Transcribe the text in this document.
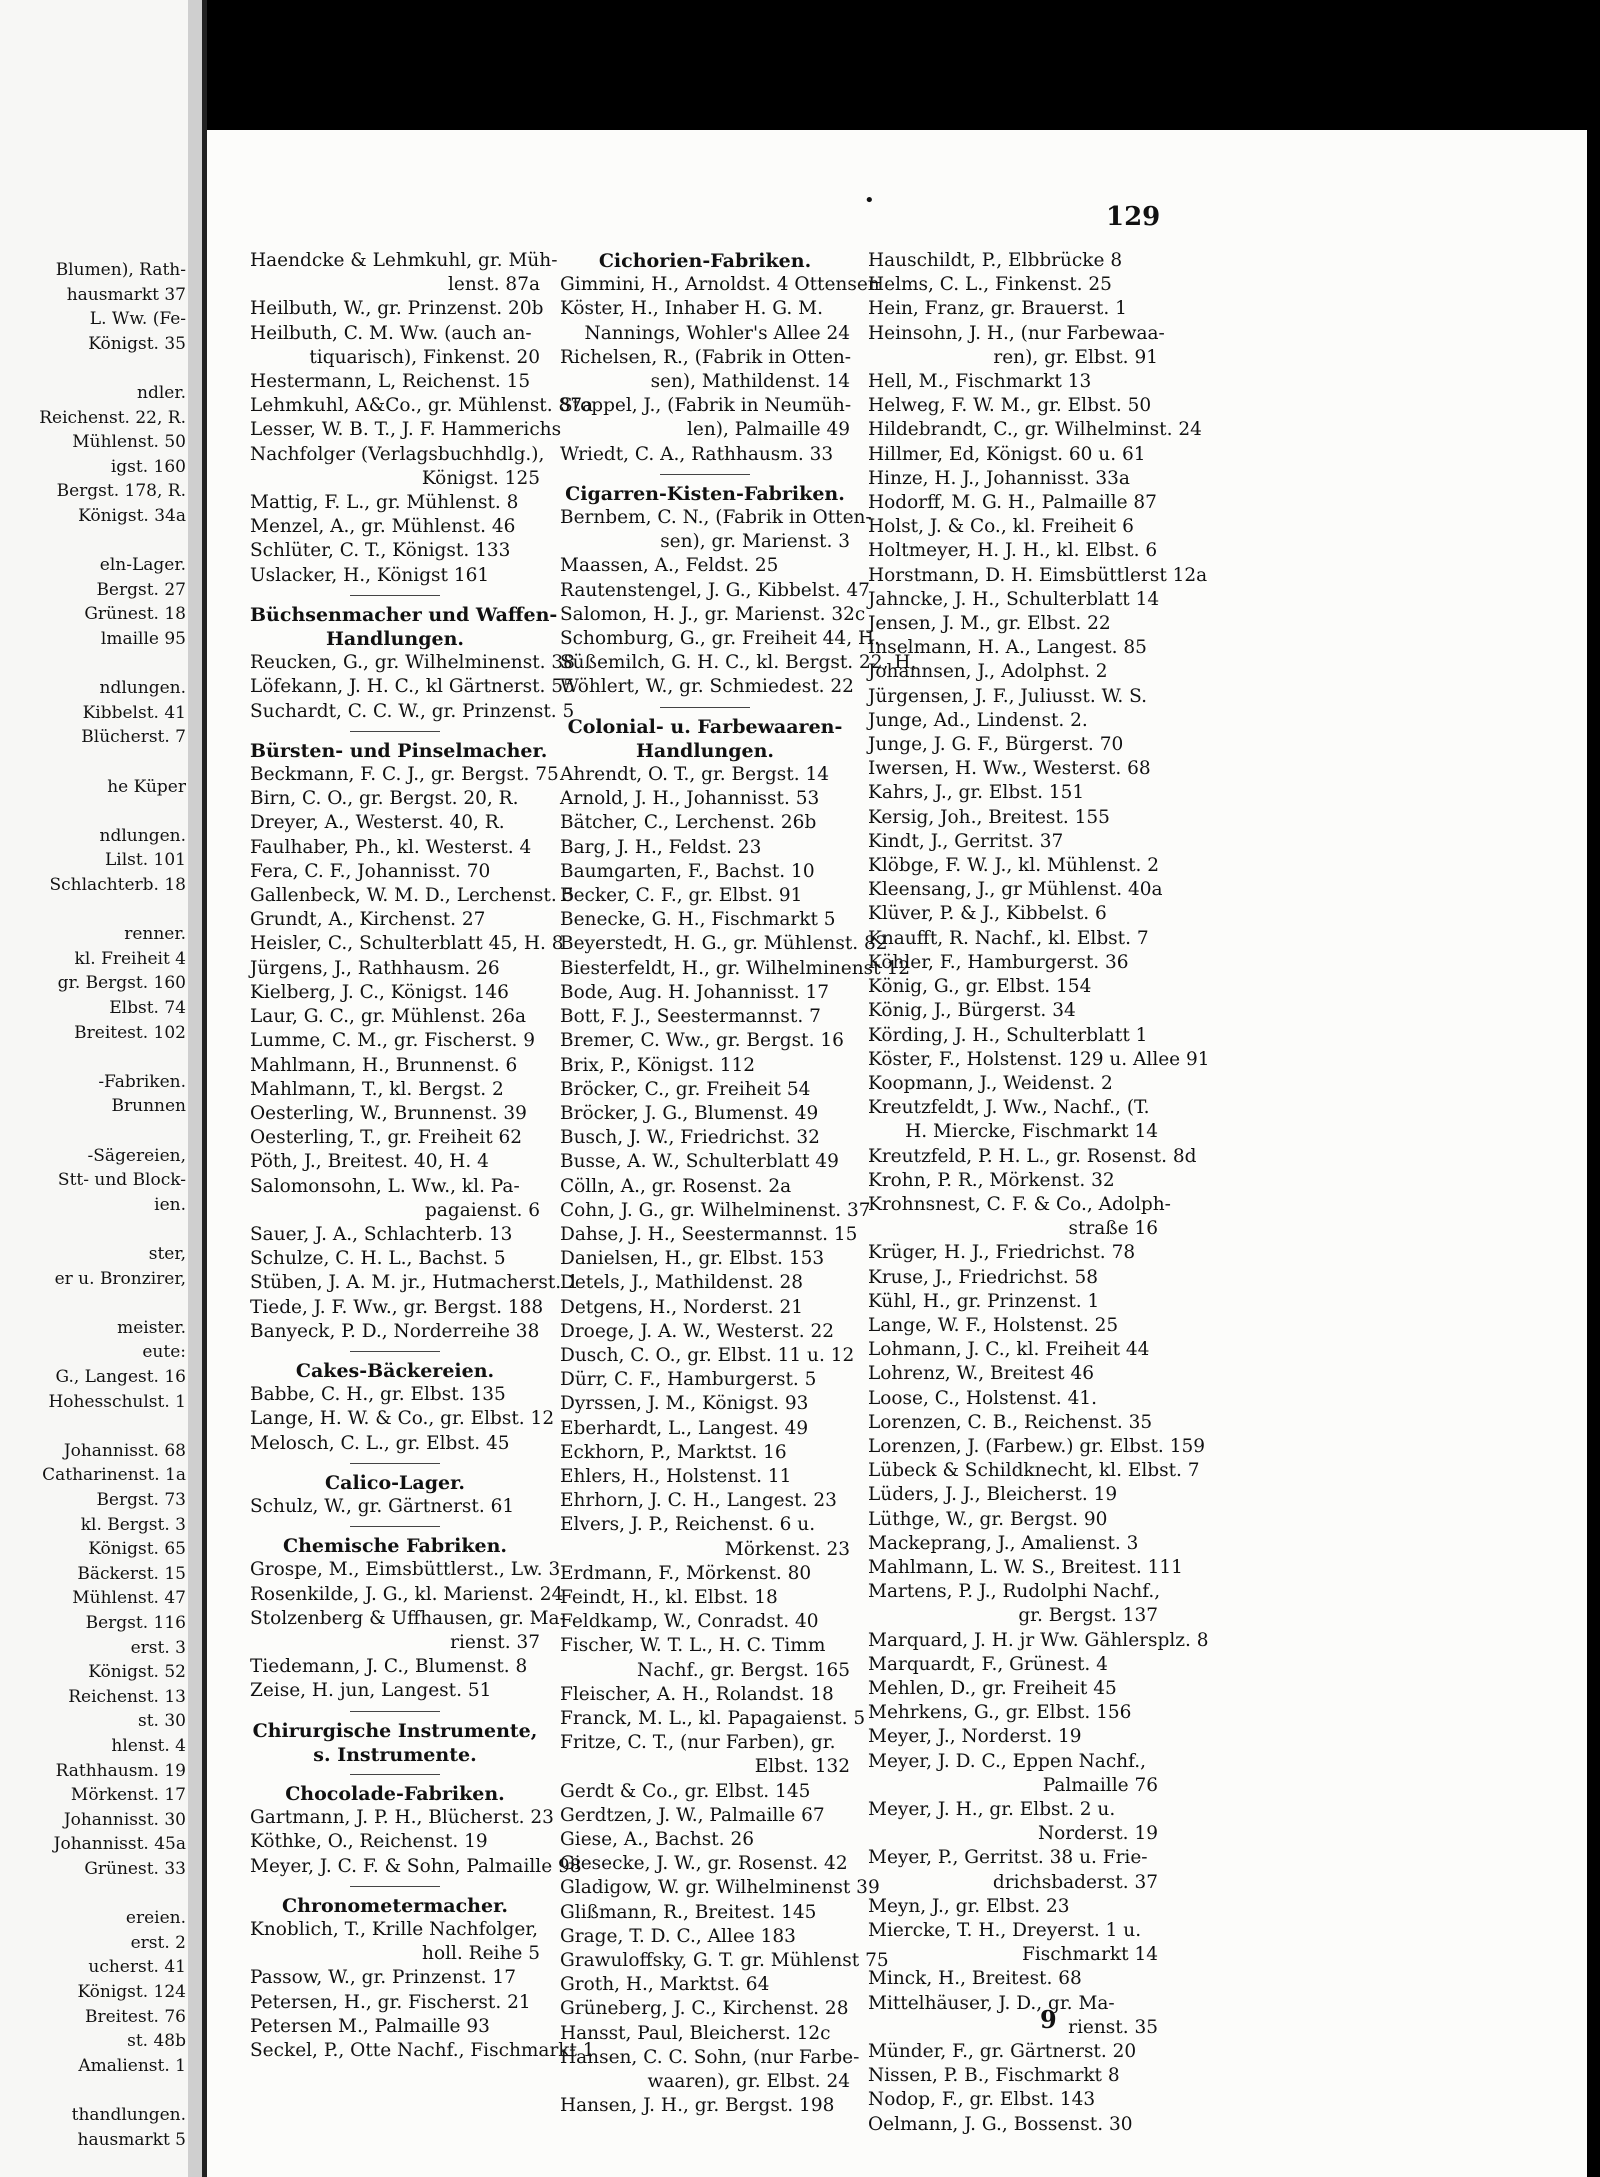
Blumen), Rath-
hausmarkt 37
L. Ww. (Fe-
Königst. 35
ndler.
Reichenst. 22, R.
Mühlenst. 50
igst. 160
Bergst. 178, R.
Königst. 34a
eln-Lager.
Bergst. 27
Grünest. 18
lmaille 95
ndlungen.
Kibbelst. 41
Blücherst. 7
he Küper
ndlungen.
Lilst. 101
Schlachterb. 18
renner.
kl. Freiheit 4
gr. Bergst. 160
Elbst. 74
Breitest. 102
-Fabriken.
Brunnen
-Sägereien,
Stt- und Block-
ien.
ster,
er u. Bronzirer,
meister.
eute:
G., Langest. 16
Hohesschulst. 1
Johannisst. 68
Catharinenst. 1a
Bergst. 73
kl. Bergst. 3
Königst. 65
Bäckerst. 15
Mühlenst. 47
Bergst. 116
erst. 3
Königst. 52
Reichenst. 13
st. 30
hlenst. 4
Rathhausm. 19
Mörkenst. 17
Johannisst. 30
Johannisst. 45a
Grünest. 33
ereien.
erst. 2
ucherst. 41
Königst. 124
Breitest. 76
st. 48b
Amalienst. 1
thandlungen.
hausmarkt 5
•
129
Haendcke & Lehmkuhl, gr. Müh-
lenst. 87a
Heilbuth, W., gr. Prinzenst. 20b
Heilbuth, C. M. Ww. (auch an-
tiquarisch), Finkenst. 20
Hestermann, L, Reichenst. 15
Lehmkuhl, A&Co., gr. Mühlenst. 87a
Lesser, W. B. T., J. F. Hammerichs
Nachfolger (Verlagsbuchhdlg.),
Königst. 125
Mattig, F. L., gr. Mühlenst. 8
Menzel, A., gr. Mühlenst. 46
Schlüter, C. T., Königst. 133
Uslacker, H., Königst 161
Büchsenmacher und Waffen-
Handlungen.
Reucken, G., gr. Wilhelminenst. 38
Löfekann, J. H. C., kl Gärtnerst. 55
Suchardt, C. C. W., gr. Prinzenst. 5
Bürsten- und Pinselmacher.
Beckmann, F. C. J., gr. Bergst. 75
Birn, C. O., gr. Bergst. 20, R.
Dreyer, A., Westerst. 40, R.
Faulhaber, Ph., kl. Westerst. 4
Fera, C. F., Johannisst. 70
Gallenbeck, W. M. D., Lerchenst. 5
Grundt, A., Kirchenst. 27
Heisler, C., Schulterblatt 45, H. 8
Jürgens, J., Rathhausm. 26
Kielberg, J. C., Königst. 146
Laur, G. C., gr. Mühlenst. 26a
Lumme, C. M., gr. Fischerst. 9
Mahlmann, H., Brunnenst. 6
Mahlmann, T., kl. Bergst. 2
Oesterling, W., Brunnenst. 39
Oesterling, T., gr. Freiheit 62
Pöth, J., Breitest. 40, H. 4
Salomonsohn, L. Ww., kl. Pa-
pagaienst. 6
Sauer, J. A., Schlachterb. 13
Schulze, C. H. L., Bachst. 5
Stüben, J. A. M. jr., Hutmacherst. 1
Tiede, J. F. Ww., gr. Bergst. 188
Banyeck, P. D., Norderreihe 38
Cakes-Bäckereien.
Babbe, C. H., gr. Elbst. 135
Lange, H. W. & Co., gr. Elbst. 12
Melosch, C. L., gr. Elbst. 45
Calico-Lager.
Schulz, W., gr. Gärtnerst. 61
Chemische Fabriken.
Grospe, M., Eimsbüttlerst., Lw. 3
Rosenkilde, J. G., kl. Marienst. 24
Stolzenberg & Uffhausen, gr. Ma-
rienst. 37
Tiedemann, J. C., Blumenst. 8
Zeise, H. jun, Langest. 51
Chirurgische Instrumente,
s. Instrumente.
Chocolade-Fabriken.
Gartmann, J. P. H., Blücherst. 23
Köthke, O., Reichenst. 19
Meyer, J. C. F. & Sohn, Palmaille 98
Chronometermacher.
Knoblich, T., Krille Nachfolger,
holl. Reihe 5
Passow, W., gr. Prinzenst. 17
Petersen, H., gr. Fischerst. 21
Petersen M., Palmaille 93
Seckel, P., Otte Nachf., Fischmarkt 1
Cichorien-Fabriken.
Gimmini, H., Arnoldst. 4 Ottensen
Köster, H., Inhaber H. G. M.
Nannings, Wohler's Allee 24
Richelsen, R., (Fabrik in Otten-
sen), Mathildenst. 14
Stoppel, J., (Fabrik in Neumüh-
len), Palmaille 49
Wriedt, C. A., Rathhausm. 33
Cigarren-Kisten-Fabriken.
Bernbem, C. N., (Fabrik in Otten-
sen), gr. Marienst. 3
Maassen, A., Feldst. 25
Rautenstengel, J. G., Kibbelst. 47
Salomon, H. J., gr. Marienst. 32c
Schomburg, G., gr. Freiheit 44, H.
Süßemilch, G. H. C., kl. Bergst. 22, H.
Wöhlert, W., gr. Schmiedest. 22
Colonial- u. Farbewaaren-
Handlungen.
Ahrendt, O. T., gr. Bergst. 14
Arnold, J. H., Johannisst. 53
Bätcher, C., Lerchenst. 26b
Barg, J. H., Feldst. 23
Baumgarten, F., Bachst. 10
Becker, C. F., gr. Elbst. 91
Benecke, G. H., Fischmarkt 5
Beyerstedt, H. G., gr. Mühlenst. 82
Biesterfeldt, H., gr. Wilhelminenst 12
Bode, Aug. H. Johannisst. 17
Bott, F. J., Seestermannst. 7
Bremer, C. Ww., gr. Bergst. 16
Brix, P., Königst. 112
Bröcker, C., gr. Freiheit 54
Bröcker, J. G., Blumenst. 49
Busch, J. W., Friedrichst. 32
Busse, A. W., Schulterblatt 49
Cölln, A., gr. Rosenst. 2a
Cohn, J. G., gr. Wilhelminenst. 37
Dahse, J. H., Seestermannst. 15
Danielsen, H., gr. Elbst. 153
Detels, J., Mathildenst. 28
Detgens, H., Norderst. 21
Droege, J. A. W., Westerst. 22
Dusch, C. O., gr. Elbst. 11 u. 12
Dürr, C. F., Hamburgerst. 5
Dyrssen, J. M., Königst. 93
Eberhardt, L., Langest. 49
Eckhorn, P., Marktst. 16
Ehlers, H., Holstenst. 11
Ehrhorn, J. C. H., Langest. 23
Elvers, J. P., Reichenst. 6 u.
Mörkenst. 23
Erdmann, F., Mörkenst. 80
Feindt, H., kl. Elbst. 18
Feldkamp, W., Conradst. 40
Fischer, W. T. L., H. C. Timm
Nachf., gr. Bergst. 165
Fleischer, A. H., Rolandst. 18
Franck, M. L., kl. Papagaienst. 5
Fritze, C. T., (nur Farben), gr.
Elbst. 132
Gerdt & Co., gr. Elbst. 145
Gerdtzen, J. W., Palmaille 67
Giese, A., Bachst. 26
Giesecke, J. W., gr. Rosenst. 42
Gladigow, W. gr. Wilhelminenst 39
Glißmann, R., Breitest. 145
Grage, T. D. C., Allee 183
Grawuloffsky, G. T. gr. Mühlenst 75
Groth, H., Marktst. 64
Grüneberg, J. C., Kirchenst. 28
Hansst, Paul, Bleicherst. 12c
Hansen, C. C. Sohn, (nur Farbe-
waaren), gr. Elbst. 24
Hansen, J. H., gr. Bergst. 198
Hauschildt, P., Elbbrücke 8
Helms, C. L., Finkenst. 25
Hein, Franz, gr. Brauerst. 1
Heinsohn, J. H., (nur Farbewaa-
ren), gr. Elbst. 91
Hell, M., Fischmarkt 13
Helweg, F. W. M., gr. Elbst. 50
Hildebrandt, C., gr. Wilhelminst. 24
Hillmer, Ed, Königst. 60 u. 61
Hinze, H. J., Johannisst. 33a
Hodorff, M. G. H., Palmaille 87
Holst, J. & Co., kl. Freiheit 6
Holtmeyer, H. J. H., kl. Elbst. 6
Horstmann, D. H. Eimsbüttlerst 12a
Jahncke, J. H., Schulterblatt 14
Jensen, J. M., gr. Elbst. 22
Inselmann, H. A., Langest. 85
Johannsen, J., Adolphst. 2
Jürgensen, J. F., Juliusst. W. S.
Junge, Ad., Lindenst. 2.
Junge, J. G. F., Bürgerst. 70
Iwersen, H. Ww., Westerst. 68
Kahrs, J., gr. Elbst. 151
Kersig, Joh., Breitest. 155
Kindt, J., Gerritst. 37
Klöbge, F. W. J., kl. Mühlenst. 2
Kleensang, J., gr Mühlenst. 40a
Klüver, P. & J., Kibbelst. 6
Knaufft, R. Nachf., kl. Elbst. 7
Köhler, F., Hamburgerst. 36
König, G., gr. Elbst. 154
König, J., Bürgerst. 34
Körding, J. H., Schulterblatt 1
Köster, F., Holstenst. 129 u. Allee 91
Koopmann, J., Weidenst. 2
Kreutzfeldt, J. Ww., Nachf., (T.
H. Miercke, Fischmarkt 14
Kreutzfeld, P. H. L., gr. Rosenst. 8d
Krohn, P. R., Mörkenst. 32
Krohnsnest, C. F. & Co., Adolph-
straße 16
Krüger, H. J., Friedrichst. 78
Kruse, J., Friedrichst. 58
Kühl, H., gr. Prinzenst. 1
Lange, W. F., Holstenst. 25
Lohmann, J. C., kl. Freiheit 44
Lohrenz, W., Breitest 46
Loose, C., Holstenst. 41.
Lorenzen, C. B., Reichenst. 35
Lorenzen, J. (Farbew.) gr. Elbst. 159
Lübeck & Schildknecht, kl. Elbst. 7
Lüders, J. J., Bleicherst. 19
Lüthge, W., gr. Bergst. 90
Mackeprang, J., Amalienst. 3
Mahlmann, L. W. S., Breitest. 111
Martens, P. J., Rudolphi Nachf.,
gr. Bergst. 137
Marquard, J. H. jr Ww. Gählersplz. 8
Marquardt, F., Grünest. 4
Mehlen, D., gr. Freiheit 45
Mehrkens, G., gr. Elbst. 156
Meyer, J., Norderst. 19
Meyer, J. D. C., Eppen Nachf.,
Palmaille 76
Meyer, J. H., gr. Elbst. 2 u.
Norderst. 19
Meyer, P., Gerritst. 38 u. Frie-
drichsbaderst. 37
Meyn, J., gr. Elbst. 23
Miercke, T. H., Dreyerst. 1 u.
Fischmarkt 14
Minck, H., Breitest. 68
Mittelhäuser, J. D., gr. Ma-
rienst. 35
Münder, F., gr. Gärtnerst. 20
Nissen, P. B., Fischmarkt 8
Nodop, F., gr. Elbst. 143
Oelmann, J. G., Bossenst. 30
9
